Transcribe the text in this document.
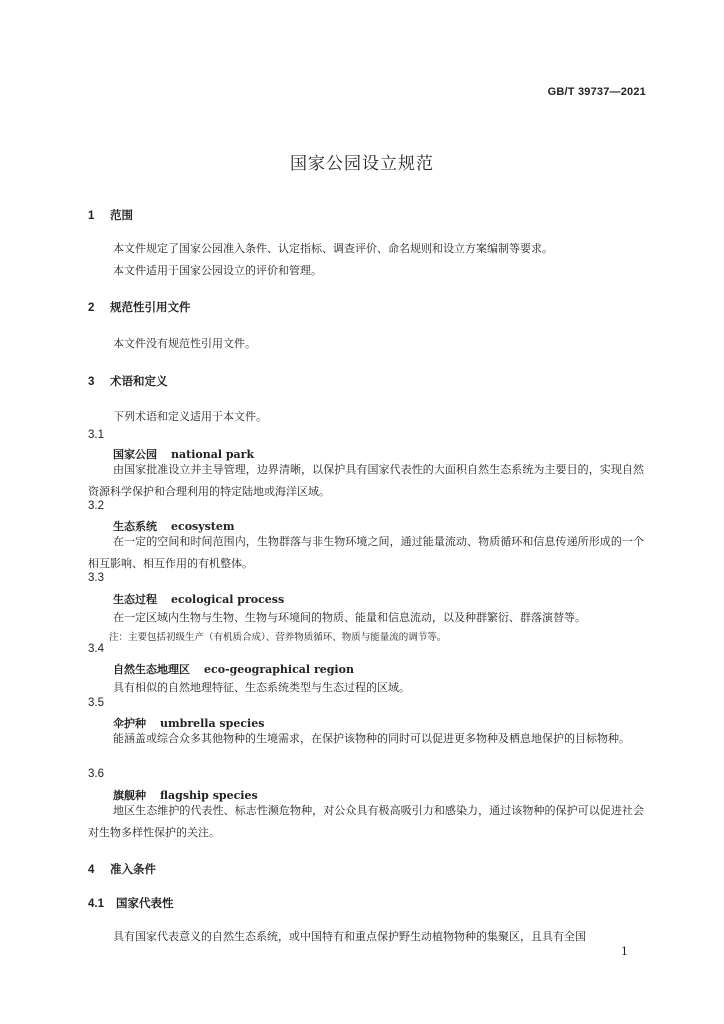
GB/T 39737—2021
国家公园设立规范
1 范围
本文件规定了国家公园准入条件、认定指标、调查评价、命名规则和设立方案编制等要求。
本文件适用于国家公园设立的评价和管理。
2 规范性引用文件
本文件没有规范性引用文件。
3 术语和定义
下列术语和定义适用于本文件。
3.1
国家公园 national park
由国家批准设立并主导管理，边界清晰，以保护具有国家代表性的大面积自然生态系统为主要目的，实现自然资源科学保护和合理利用的特定陆地或海洋区域。
3.2
生态系统 ecosystem
在一定的空间和时间范围内，生物群落与非生物环境之间，通过能量流动、物质循环和信息传递所形成的一个相互影响、相互作用的有机整体。
3.3
生态过程 ecological process
在一定区域内生物与生物、生物与环境间的物质、能量和信息流动，以及种群繁衍、群落演替等。
注：主要包括初级生产（有机质合成）、营养物质循环、物质与能量流的调节等。
3.4
自然生态地理区 eco-geographical region
具有相似的自然地理特征、生态系统类型与生态过程的区域。
3.5
伞护种 umbrella species
能涵盖或综合众多其他物种的生境需求，在保护该物种的同时可以促进更多物种及栖息地保护的目标物种。
3.6
旗舰种 flagship species
地区生态维护的代表性、标志性濒危物种，对公众具有极高吸引力和感染力，通过该物种的保护可以促进社会对生物多样性保护的关注。
4 准入条件
4.1 国家代表性
具有国家代表意义的自然生态系统，或中国特有和重点保护野生动植物物种的集聚区，且具有全国
1
